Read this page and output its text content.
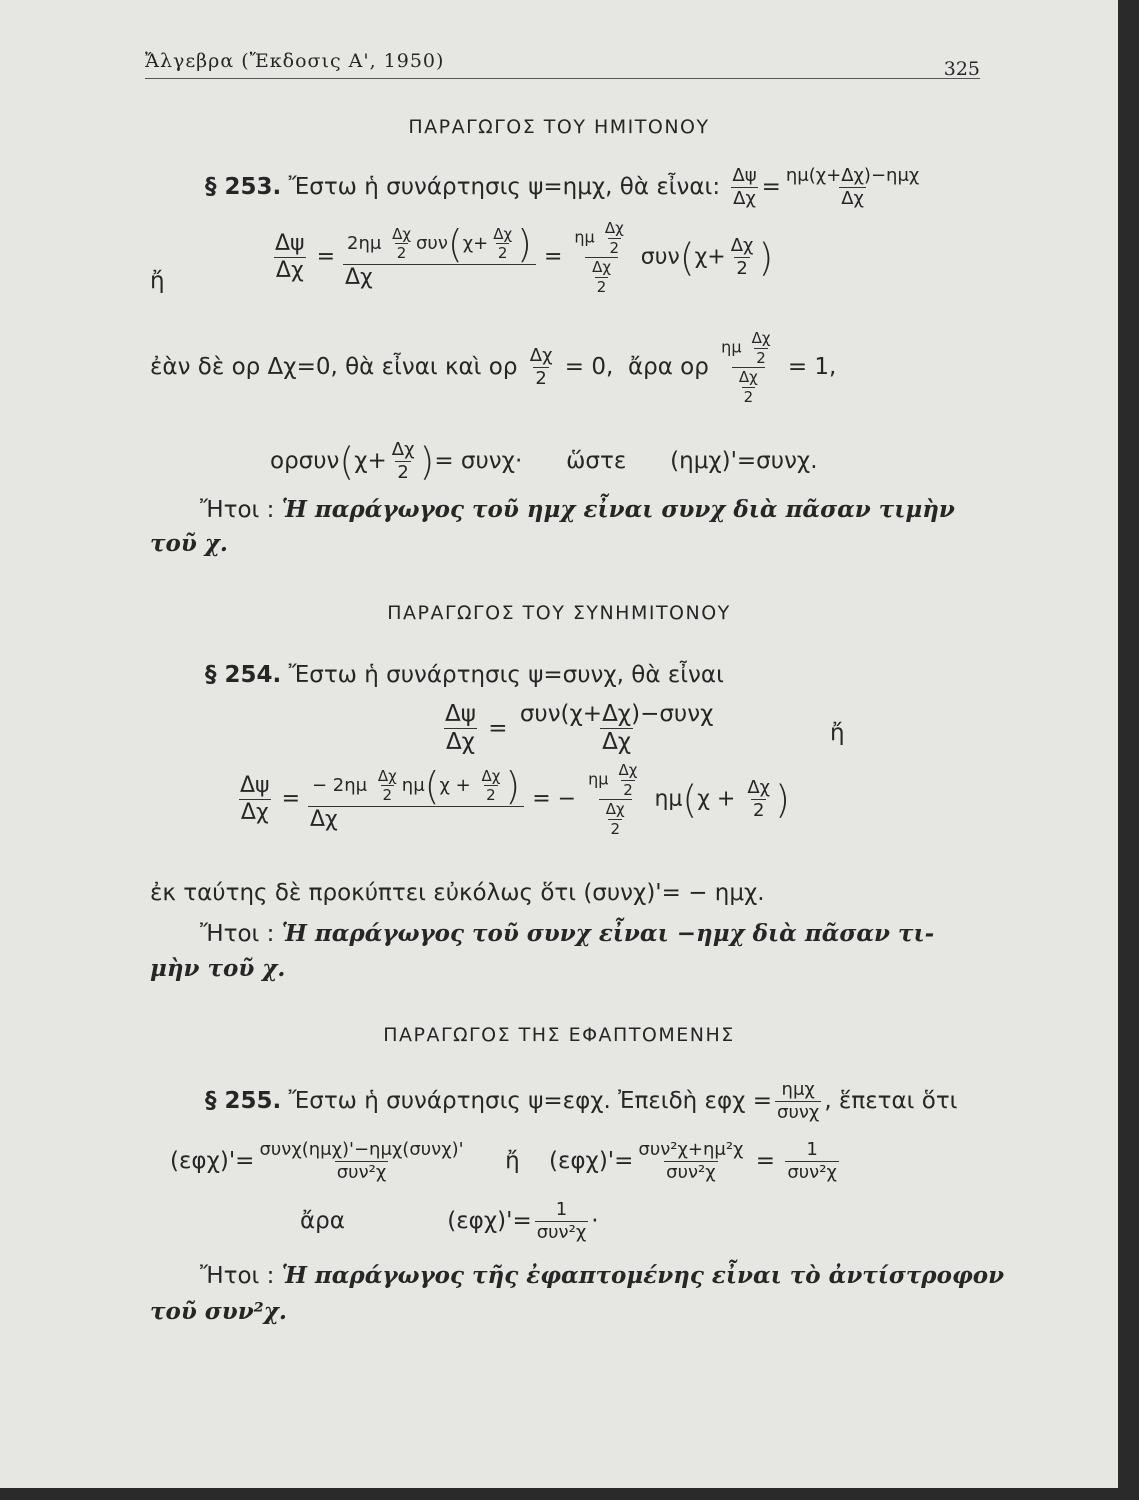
Ἄλγεβρα (Ἔκδοσις Α', 1950)	325
ΠΑΡΑΓΩΓΟΣ ΤΟΥ ΗΜΙΤΟΝΟΥ
§ 253. Ἔστω ἡ συνάρτησις ψ=ημχ, θὰ εἶναι: $\frac{\Delta\psi}{\Delta\chi} = \frac{\text{ημ(χ+Δχ)−ημχ}}{\Delta\chi}$
ἤ	$\frac{\Delta\psi}{\Delta\chi} = \frac{2\eta\mu \frac{\Delta\chi}{2} \sigma\upsilon\nu(\chi+ \frac{\Delta\chi}{2} )}{\Delta\chi} = \frac{\eta\mu \frac{\Delta\chi}{2}}{\frac{\Delta\chi}{2}} \sigma\upsilon\nu(\chi+ \frac{\Delta\chi}{2}$ )
ἐὰν δὲ ορ Δχ=0, θὰ εἶναι καὶ ορ $\frac{\Delta\chi}{2} = 0$, ἄρα ορ $\frac{\eta\mu \frac{\Delta\chi}{2}}{\frac{\Delta\chi}{2}} = 1$,
$o\rho\sigma\upsilon\nu(\chi+ \frac{\Delta\chi}{2}$ )= συνχ· ὥστε (ημχ)'=συνχ.
Ἤτοι : Ἡ παράγωγος τοῦ ημχ εἶναι συνχ διὰ πᾶσαν τιμὴν
τοῦ χ.
ΠΑΡΑΓΩΓΟΣ ΤΟΥ ΣΥΝΗΜΙΤΟΝΟΥ
§ 254. Ἔστω ἡ συνάρτησις ψ=συνχ, θὰ εἶναι
$\frac{\Delta\psi}{\Delta\chi} = \frac{\text{συν(χ+Δχ)−συνχ}}{\Delta\chi}$	ἤ
$\frac{\Delta\psi}{\Delta\chi} = \frac{- 2\eta\mu \frac{\Delta\chi}{2} \eta\mu(\chi + \frac{\Delta\chi}{2} )}{\Delta\chi}$ = − $\frac{\eta\mu \frac{\Delta\chi}{2}}{\frac{\Delta\chi}{2}} \eta\mu(\chi + \frac{\Delta\chi}{2}$ )
ἐκ ταύτης δὲ προκύπτει εὐκόλως ὅτι (συνχ)'= − ημχ.
Ἤτοι : Ἡ παράγωγος τοῦ συνχ εἶναι −ημχ διὰ πᾶσαν τι-
μὴν τοῦ χ.
ΠΑΡΑΓΩΓΟΣ ΤΗΣ ΕΦΑΠΤΟΜΕΝΗΣ
§ 255. Ἔστω ἡ συνάρτησις ψ=εφχ. Ἐπειδὴ $\varepsilon\varphi\chi = \frac{\text{ημχ}}{\text{συνχ}}$ , ἕπεται ὅτι
$(\varepsilon\varphi\chi)'= \frac{\text{συνχ(ημχ)'−ημχ(συνχ)'}}{\text{συν²χ}}$ ἤ $(\varepsilon\varphi\chi)'= \frac{\text{συν²χ+ημ²χ}}{\text{συν²χ}} = \frac{1}{\text{συν²χ}}$
ἄρα	$(\varepsilon\varphi\chi)'= \frac{1}{\text{συν²χ}}$ ·
Ἤτοι : Ἡ παράγωγος τῆς ἐφαπτομένης εἶναι τὸ ἀντίστροφον
τοῦ συν²χ.
